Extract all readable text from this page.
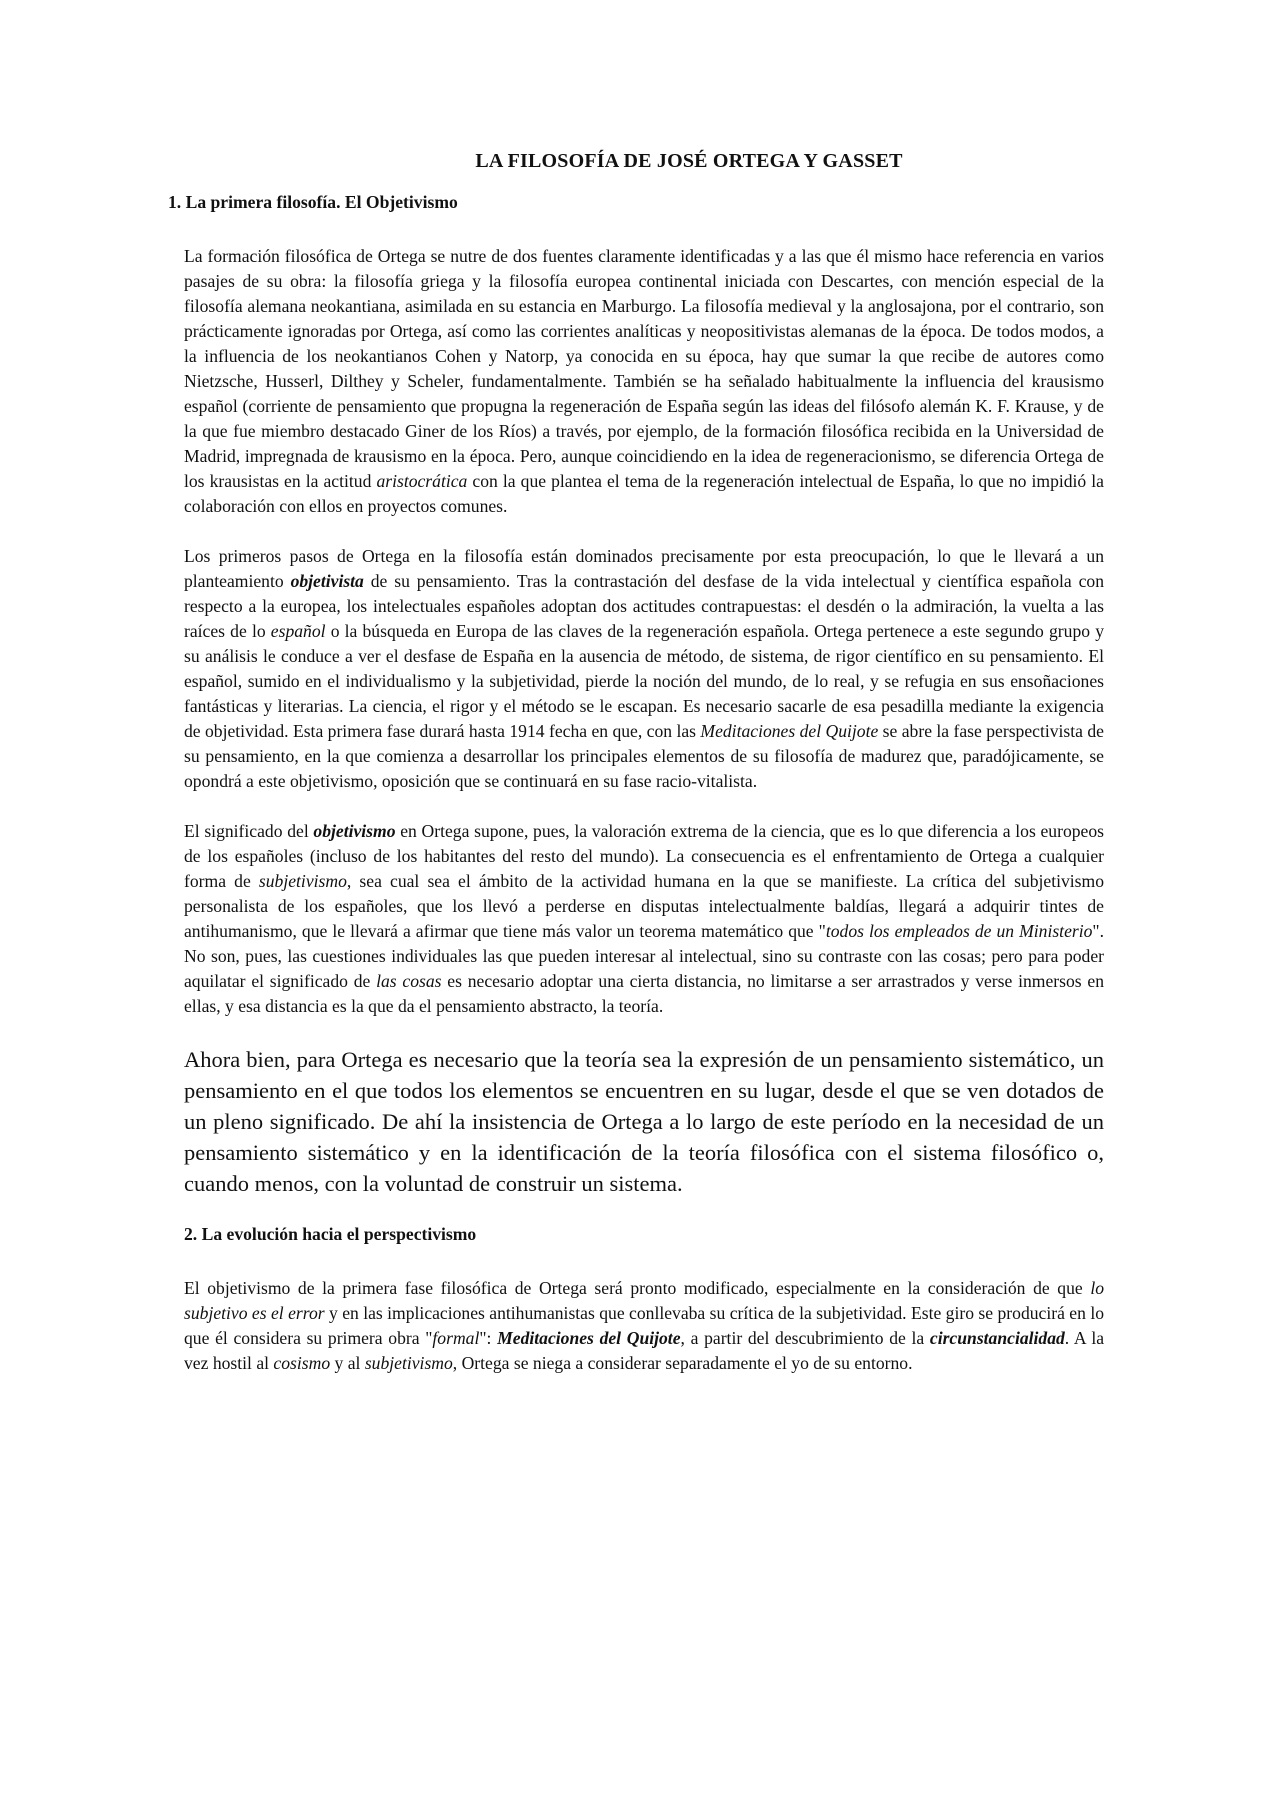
LA FILOSOFÍA DE JOSÉ ORTEGA Y GASSET
1. La primera filosofía. El Objetivismo

La formación filosófica de Ortega se nutre de dos fuentes claramente identificadas y a las que él mismo hace referencia en varios pasajes de su obra: la filosofía griega y la filosofía europea continental iniciada con Descartes, con mención especial de la filosofía alemana neokantiana, asimilada en su estancia en Marburgo. La filosofía medieval y la anglosajona, por el contrario, son prácticamente ignoradas por Ortega, así como las corrientes analíticas y neopositivistas alemanas de la época. De todos modos, a la influencia de los neokantianos Cohen y Natorp, ya conocida en su época, hay que sumar la que recibe de autores como Nietzsche, Husserl, Dilthey y Scheler, fundamentalmente. También se ha señalado habitualmente la influencia del krausismo español (corriente de pensamiento que propugna la regeneración de España según las ideas del filósofo alemán K. F. Krause, y de la que fue miembro destacado Giner de los Ríos) a través, por ejemplo, de la formación filosófica recibida en la Universidad de Madrid, impregnada de krausismo en la época. Pero, aunque coincidiendo en la idea de regeneracionismo, se diferencia Ortega de los krausistas en la actitud aristocrática con la que plantea el tema de la regeneración intelectual de España, lo que no impidió la colaboración con ellos en proyectos comunes.

Los primeros pasos de Ortega en la filosofía están dominados precisamente por esta preocupación, lo que le llevará a un planteamiento objetivista de su pensamiento. Tras la contrastación del desfase de la vida intelectual y científica española con respecto a la europea, los intelectuales españoles adoptan dos actitudes contrapuestas: el desdén o la admiración, la vuelta a las raíces de lo español o la búsqueda en Europa de las claves de la regeneración española. Ortega pertenece a este segundo grupo y su análisis le conduce a ver el desfase de España en la ausencia de método, de sistema, de rigor científico en su pensamiento. El español, sumido en el individualismo y la subjetividad, pierde la noción del mundo, de lo real, y se refugia en sus ensoñaciones fantásticas y literarias. La ciencia, el rigor y el método se le escapan. Es necesario sacarle de esa pesadilla mediante la exigencia de objetividad. Esta primera fase durará hasta 1914 fecha en que, con las Meditaciones del Quijote se abre la fase perspectivista de su pensamiento, en la que comienza a desarrollar los principales elementos de su filosofía de madurez que, paradójicamente, se opondrá a este objetivismo, oposición que se continuará en su fase racio-vitalista.

El significado del objetivismo en Ortega supone, pues, la valoración extrema de la ciencia, que es lo que diferencia a los europeos de los españoles (incluso de los habitantes del resto del mundo). La consecuencia es el enfrentamiento de Ortega a cualquier forma de subjetivismo, sea cual sea el ámbito de la actividad humana en la que se manifieste. La crítica del subjetivismo personalista de los españoles, que los llevó a perderse en disputas intelectualmente baldías, llegará a adquirir tintes de antihumanismo, que le llevará a afirmar que tiene más valor un teorema matemático que "todos los empleados de un Ministerio". No son, pues, las cuestiones individuales las que pueden interesar al intelectual, sino su contraste con las cosas; pero para poder aquilatar el significado de las cosas es necesario adoptar una cierta distancia, no limitarse a ser arrastrados y verse inmersos en ellas, y esa distancia es la que da el pensamiento abstracto, la teoría.

Ahora bien, para Ortega es necesario que la teoría sea la expresión de un pensamiento sistemático, un pensamiento en el que todos los elementos se encuentren en su lugar, desde el que se ven dotados de un pleno significado. De ahí la insistencia de Ortega a lo largo de este período en la necesidad de un pensamiento sistemático y en la identificación de la teoría filosófica con el sistema filosófico o, cuando menos, con la voluntad de construir un sistema.

2. La evolución hacia el perspectivismo

El objetivismo de la primera fase filosófica de Ortega será pronto modificado, especialmente en la consideración de que lo subjetivo es el error y en las implicaciones antihumanistas que conllevaba su crítica de la subjetividad. Este giro se producirá en lo que él considera su primera obra "formal": Meditaciones del Quijote, a partir del descubrimiento de la circunstancialidad. A la vez hostil al cosismo y al subjetivismo, Ortega se niega a considerar separadamente el yo de su entorno.
